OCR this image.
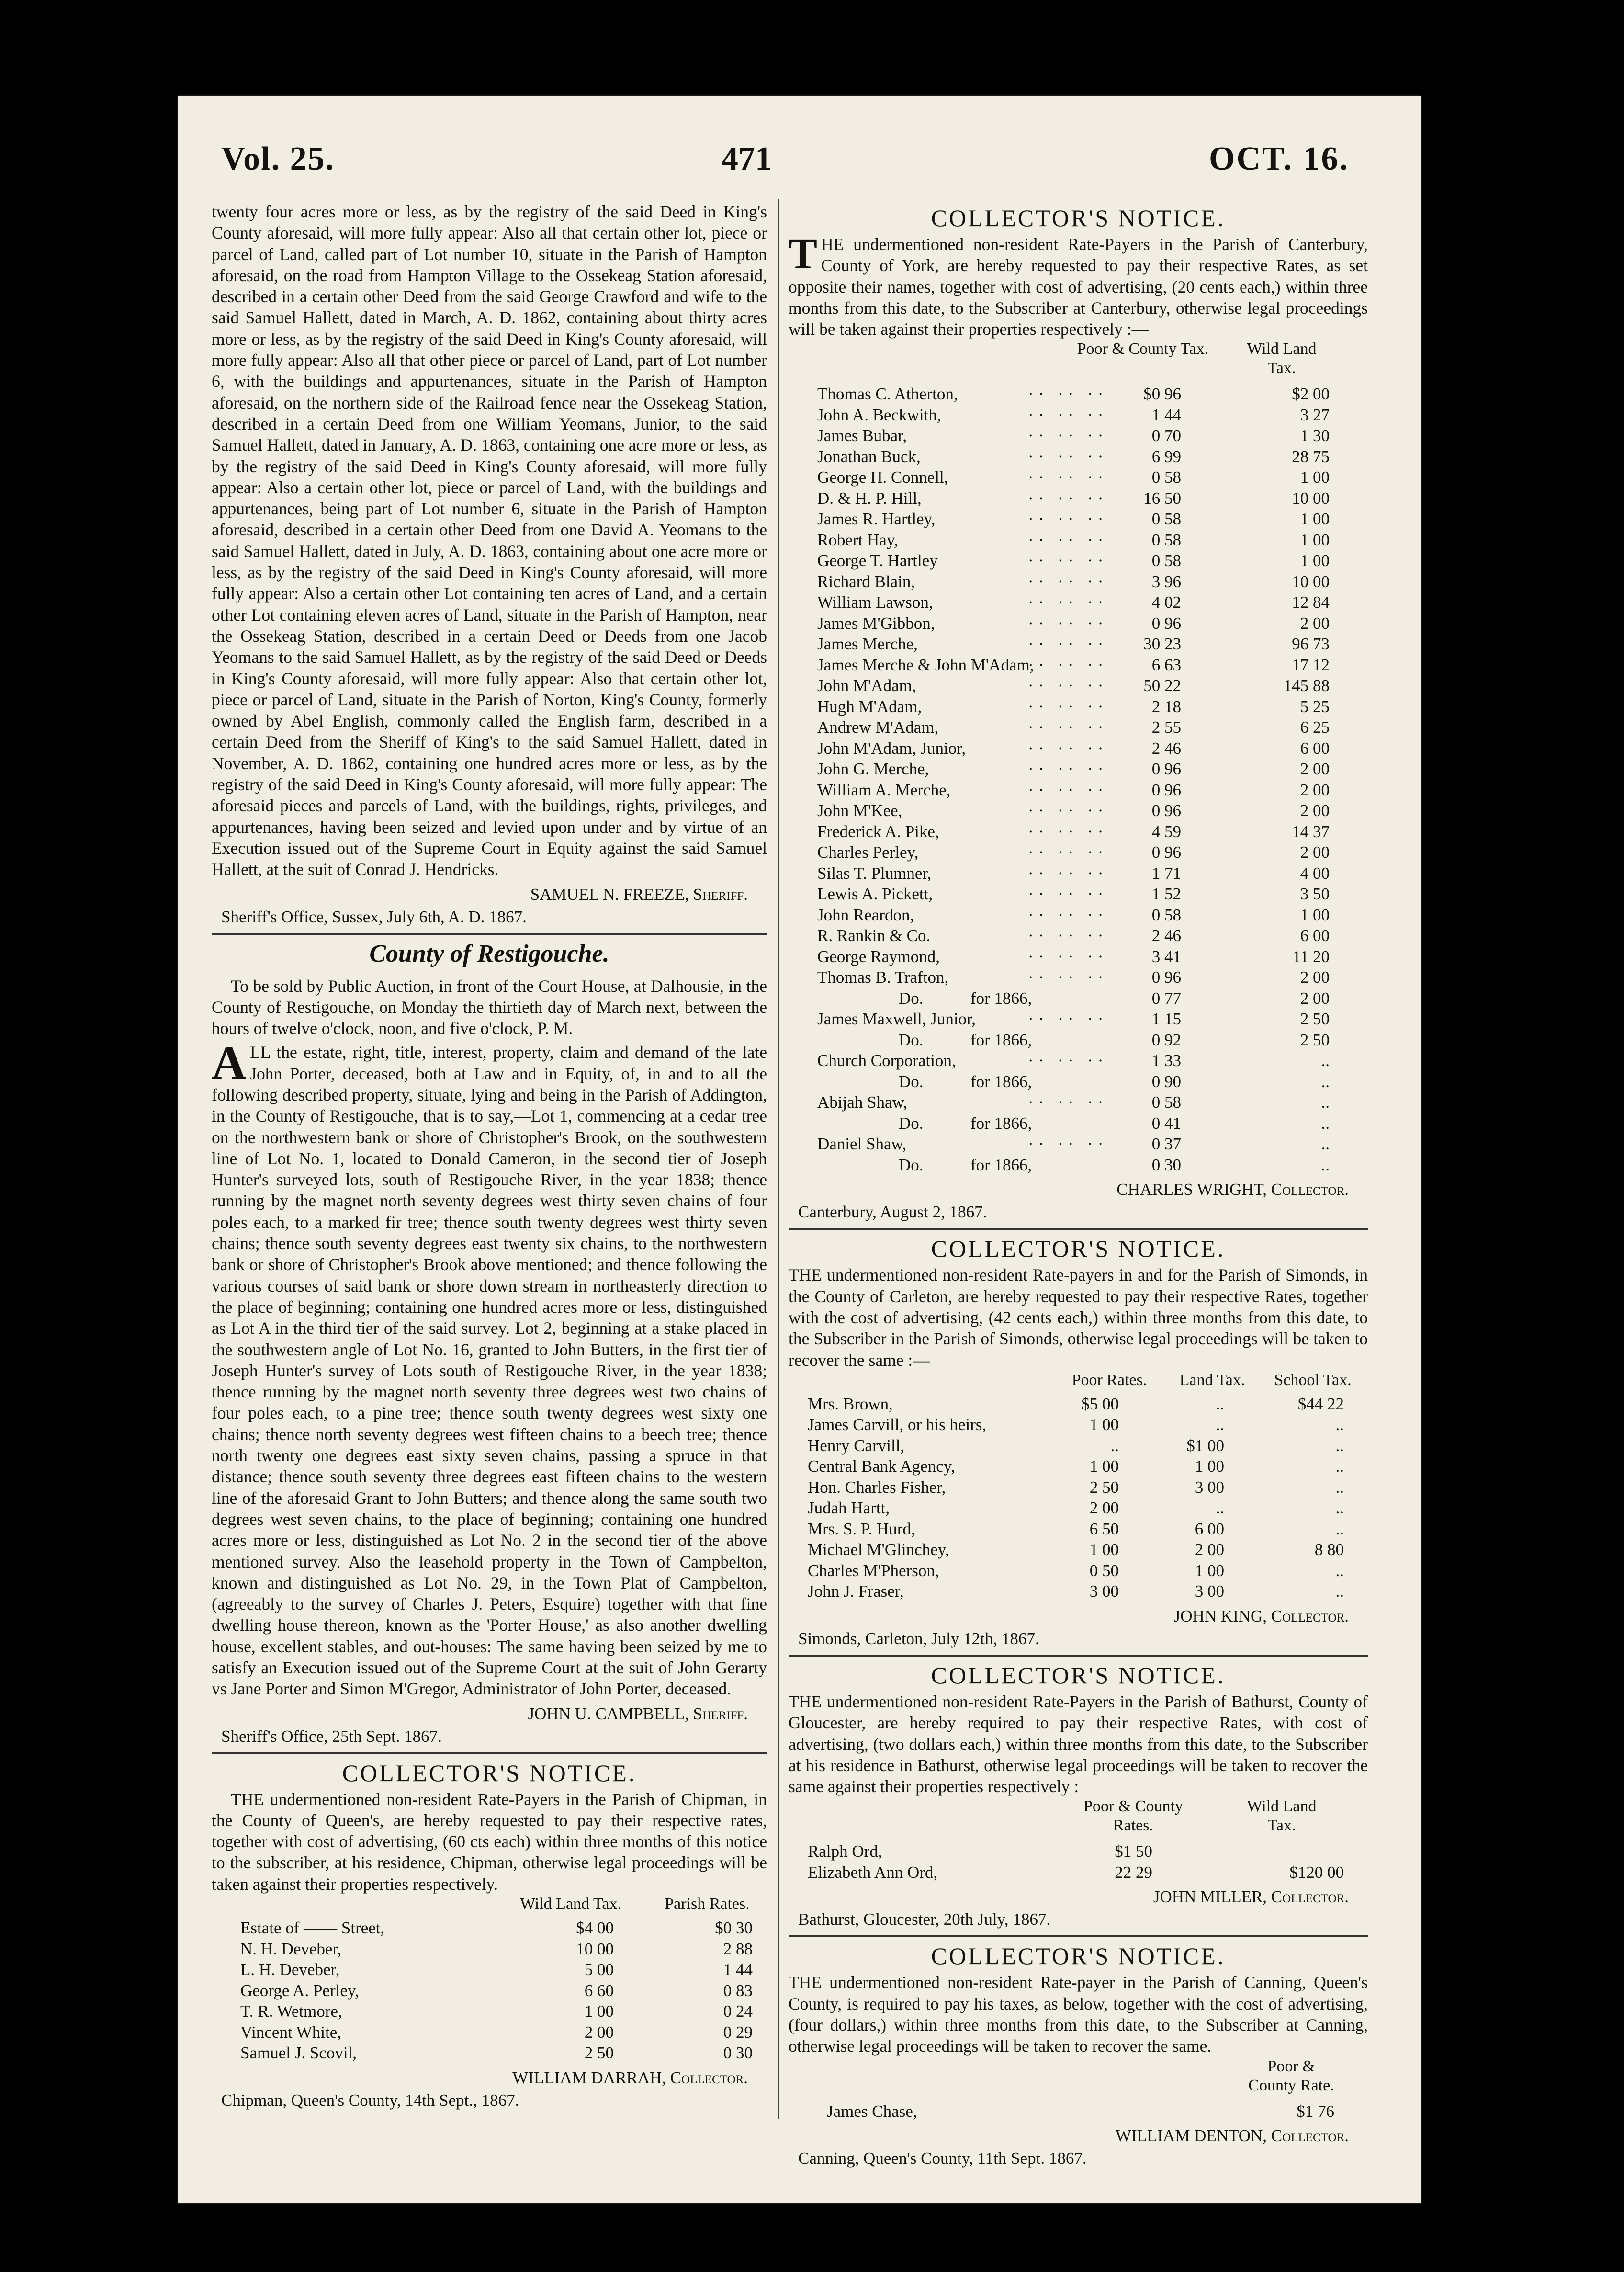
Vol. 25.	471	OCT. 16.

twenty four acres more or less, as by the registry of the said Deed in King's County aforesaid, will more fully appear: Also all that certain other lot, piece or parcel of Land, called part of Lot number 10, situate in the Parish of Hampton aforesaid, on the road from Hampton Village to the Ossekeag Station aforesaid, described in a certain other Deed from the said George Crawford and wife to the said Samuel Hallett, dated in March, A. D. 1862, containing about thirty acres more or less, as by the registry of the said Deed in King's County aforesaid, will more fully appear: Also all that other piece or parcel of Land, part of Lot number 6, with the buildings and appurtenances, situate in the Parish of Hampton aforesaid, on the northern side of the Railroad fence near the Ossekeag Station, described in a certain Deed from one William Yeomans, Junior, to the said Samuel Hallett, dated in January, A. D. 1863, containing one acre more or less, as by the registry of the said Deed in King's County aforesaid, will more fully appear: Also a certain other lot, piece or parcel of Land, with the buildings and appurtenances, being part of Lot number 6, situate in the Parish of Hampton aforesaid, described in a certain other Deed from one David A. Yeomans to the said Samuel Hallett, dated in July, A. D. 1863, containing about one acre more or less, as by the registry of the said Deed in King's County aforesaid, will more fully appear: Also a certain other Lot containing ten acres of Land, and a certain other Lot containing eleven acres of Land, situate in the Parish of Hampton, near the Ossekeag Station, described in a certain Deed or Deeds from one Jacob Yeomans to the said Samuel Hallett, as by the registry of the said Deed or Deeds in King's County aforesaid, will more fully appear: Also that certain other lot, piece or parcel of Land, situate in the Parish of Norton, King's County, formerly owned by Abel English, commonly called the English farm, described in a certain Deed from the Sheriff of King's to the said Samuel Hallett, dated in November, A. D. 1862, containing one hundred acres more or less, as by the registry of the said Deed in King's County aforesaid, will more fully appear: The aforesaid pieces and parcels of Land, with the buildings, rights, privileges, and appurtenances, having been seized and levied upon under and by virtue of an Execution issued out of the Supreme Court in Equity against the said Samuel Hallett, at the suit of Conrad J. Hendricks.

SAMUEL N. FREEZE, Sheriff.

Sheriff's Office, Sussex, July 6th, A. D. 1867.

County of Restigouche.

To be sold by Public Auction, in front of the Court House, at Dalhousie, in the County of Restigouche, on Monday the thirtieth day of March next, between the hours of twelve o'clock, noon, and five o'clock, P. M.

ALL the estate, right, title, interest, property, claim and demand of the late John Porter, deceased, both at Law and in Equity, of, in and to all the following described property, situate, lying and being in the Parish of Addington, in the County of Restigouche, that is to say,—Lot 1, commencing at a cedar tree on the northwestern bank or shore of Christopher's Brook, on the southwestern line of Lot No. 1, located to Donald Cameron, in the second tier of Joseph Hunter's surveyed lots, south of Restigouche River, in the year 1838; thence running by the magnet north seventy degrees west thirty seven chains of four poles each, to a marked fir tree; thence south twenty degrees west thirty seven chains; thence south seventy degrees east twenty six chains, to the northwestern bank or shore of Christopher's Brook above mentioned; and thence following the various courses of said bank or shore down stream in northeasterly direction to the place of beginning; containing one hundred acres more or less, distinguished as Lot A in the third tier of the said survey. Lot 2, beginning at a stake placed in the southwestern angle of Lot No. 16, granted to John Butters, in the first tier of Joseph Hunter's survey of Lots south of Restigouche River, in the year 1838; thence running by the magnet north seventy three degrees west two chains of four poles each, to a pine tree; thence south twenty degrees west sixty one chains; thence north seventy degrees west fifteen chains to a beech tree; thence north twenty one degrees east sixty seven chains, passing a spruce in that distance; thence south seventy three degrees east fifteen chains to the western line of the aforesaid Grant to John Butters; and thence along the same south two degrees west seven chains, to the place of beginning; containing one hundred acres more or less, distinguished as Lot No. 2 in the second tier of the above mentioned survey. Also the leasehold property in the Town of Campbelton, known and distinguished as Lot No. 29, in the Town Plat of Campbelton, (agreeably to the survey of Charles J. Peters, Esquire) together with that fine dwelling house thereon, known as the 'Porter House,' as also another dwelling house, excellent stables, and out-houses: The same having been seized by me to satisfy an Execution issued out of the Supreme Court at the suit of John Gerarty vs Jane Porter and Simon M'Gregor, Administrator of John Porter, deceased.

JOHN U. CAMPBELL, Sheriff.

Sheriff's Office, 25th Sept. 1867.

COLLECTOR'S NOTICE.

THE undermentioned non-resident Rate-Payers in the Parish of Chipman, in the County of Queen's, are hereby requested to pay their respective rates, together with cost of advertising, (60 cts each) within three months of this notice to the subscriber, at his residence, Chipman, otherwise legal proceedings will be taken against their properties respectively.

Wild Land Tax.	Parish Rates.
Estate of —— Street,	$4 00	$0 30
N. H. Deveber,	10 00	2 88
L. H. Deveber,	5 00	1 44
George A. Perley,	6 60	0 83
T. R. Wetmore,	1 00	0 24
Vincent White,	2 00	0 29
Samuel J. Scovil,	2 50	0 30

WILLIAM DARRAH, Collector.

Chipman, Queen's County, 14th Sept., 1867.

COLLECTOR'S NOTICE.

THE undermentioned non-resident Rate-Payers in the Parish of Canterbury, County of York, are hereby requested to pay their respective Rates, as set opposite their names, together with cost of advertising, (20 cents each,) within three months from this date, to the Subscriber at Canterbury, otherwise legal proceedings will be taken against their properties respectively :—

Poor & County Tax.	Wild Land Tax.
Thomas C. Atherton,	$0 96	$2 00
·· ·· ··
John A. Beckwith,	1 44	3 27
·· ·· ··
James Bubar,	0 70	1 30
·· ·· ··
Jonathan Buck,	6 99	28 75
·· ·· ··
George H. Connell,	0 58	1 00
·· ·· ··
D. & H. P. Hill,	16 50	10 00
·· ·· ··
James R. Hartley,	0 58	1 00
·· ·· ··
Robert Hay,	0 58	1 00
·· ·· ··
George T. Hartley	0 58	1 00
·· ·· ··
Richard Blain,	3 96	10 00
·· ·· ··
William Lawson,	4 02	12 84
·· ·· ··
James M'Gibbon,	0 96	2 00
·· ·· ··
James Merche,	30 23	96 73
·· ·· ··
James Merche & John M'Adam,	6 63	17 12
·· ·· ··
John M'Adam,	50 22	145 88
·· ·· ··
Hugh M'Adam,	2 18	5 25
·· ·· ··
Andrew M'Adam,	2 55	6 25
·· ·· ··
John M'Adam, Junior,	2 46	6 00
·· ·· ··
John G. Merche,	0 96	2 00
·· ·· ··
William A. Merche,	0 96	2 00
·· ·· ··
John M'Kee,	0 96	2 00
·· ·· ··
Frederick A. Pike,	4 59	14 37
·· ·· ··
Charles Perley,	0 96	2 00
·· ·· ··
Silas T. Plumner,	1 71	4 00
·· ·· ··
Lewis A. Pickett,	1 52	3 50
·· ·· ··
John Reardon,	0 58	1 00
·· ·· ··
R. Rankin & Co.	2 46	6 00
·· ·· ··
George Raymond,	3 41	11 20
·· ·· ··
Thomas B. Trafton,	0 96	2 00
·· ·· ··
Do.	for 1866,	0 77	2 00
James Maxwell, Junior,	1 15	2 50
·· ·· ··
Do.	for 1866,	0 92	2 50
Church Corporation,	1 33	..
·· ·· ··
Do.	for 1866,	0 90	..
Abijah Shaw,	0 58	..
·· ·· ··
Do.	for 1866,	0 41	..
Daniel Shaw,	0 37	..
·· ·· ··
Do.	for 1866,	0 30	..

CHARLES WRIGHT, Collector.

Canterbury, August 2, 1867.

COLLECTOR'S NOTICE.

THE undermentioned non-resident Rate-payers in and for the Parish of Simonds, in the County of Carleton, are hereby requested to pay their respective Rates, together with the cost of advertising, (42 cents each,) within three months from this date, to the Subscriber in the Parish of Simonds, otherwise legal proceedings will be taken to recover the same :—

Poor Rates.	Land Tax.	School Tax.
Mrs. Brown,	$5 00	..	$44 22
James Carvill, or his heirs,	1 00	..	..
Henry Carvill,	..	$1 00	..
Central Bank Agency,	1 00	1 00	..
Hon. Charles Fisher,	2 50	3 00	..
Judah Hartt,	2 00	..	..
Mrs. S. P. Hurd,	6 50	6 00	..
Michael M'Glinchey,	1 00	2 00	8 80
Charles M'Pherson,	0 50	1 00	..
John J. Fraser,	3 00	3 00	..

JOHN KING, Collector.

Simonds, Carleton, July 12th, 1867.

COLLECTOR'S NOTICE.

THE undermentioned non-resident Rate-Payers in the Parish of Bathurst, County of Gloucester, are hereby required to pay their respective Rates, with cost of advertising, (two dollars each,) within three months from this date, to the Subscriber at his residence in Bathurst, otherwise legal proceedings will be taken to recover the same against their properties respectively :

Poor & County Rates.
Wild Land Tax.
Ralph Ord,	$1 50
Elizabeth Ann Ord,	22 29	$120 00

JOHN MILLER, Collector.

Bathurst, Gloucester, 20th July, 1867.

COLLECTOR'S NOTICE.

THE undermentioned non-resident Rate-payer in the Parish of Canning, Queen's County, is required to pay his taxes, as below, together with the cost of advertising, (four dollars,) within three months from this date, to the Subscriber at Canning, otherwise legal proceedings will be taken to recover the same.

Poor & County Rate.
James Chase,	$1 76

WILLIAM DENTON, Collector.

Canning, Queen's County, 11th Sept. 1867.
